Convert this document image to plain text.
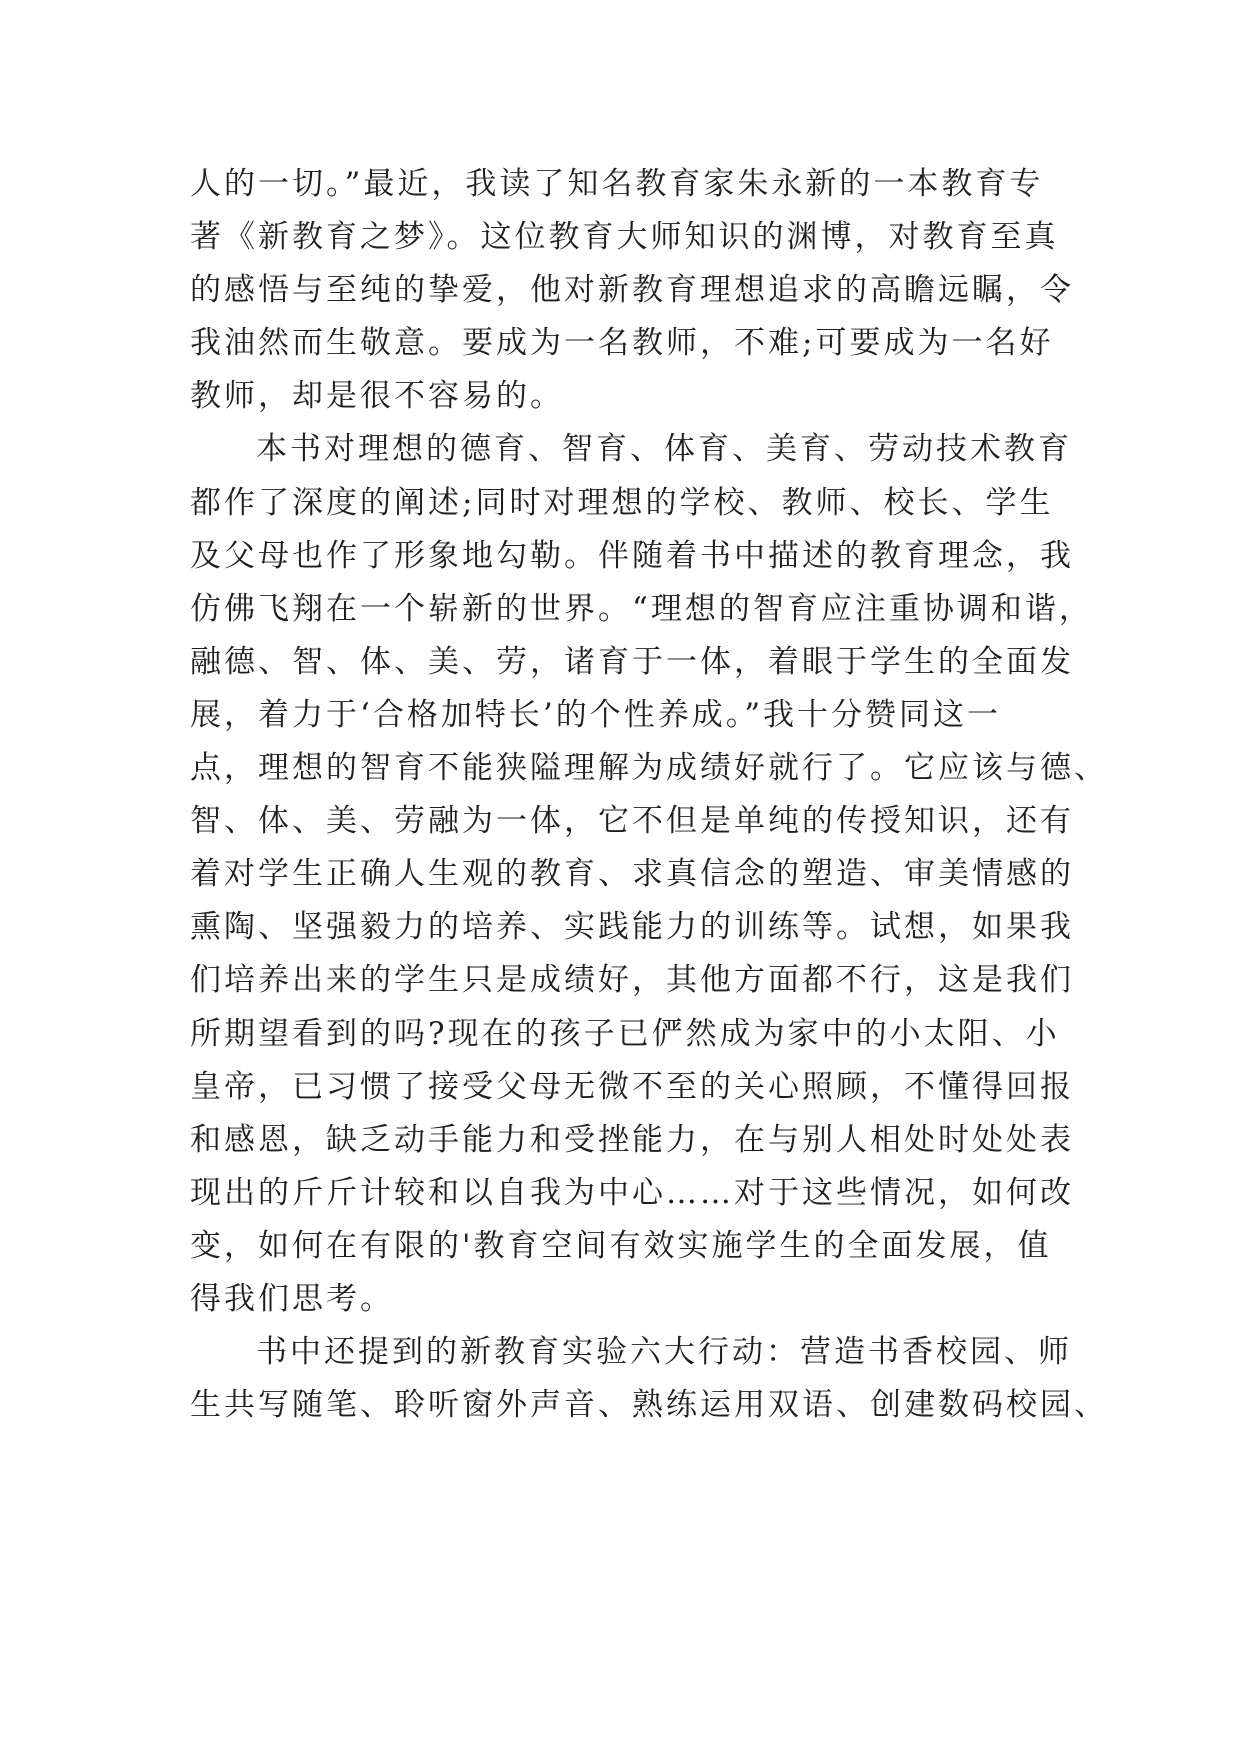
人的一切。”最近，我读了知名教育家朱永新的一本教育专
著《新教育之梦》。这位教育大师知识的渊博，对教育至真
的感悟与至纯的挚爱，他对新教育理想追求的高瞻远瞩，令
我油然而生敬意。要成为一名教师，不难;可要成为一名好
教师，却是很不容易的。
本书对理想的德育、智育、体育、美育、劳动技术教育
都作了深度的阐述;同时对理想的学校、教师、校长、学生
及父母也作了形象地勾勒。伴随着书中描述的教育理念，我
仿佛飞翔在一个崭新的世界。“理想的智育应注重协调和谐，
融德、智、体、美、劳，诸育于一体，着眼于学生的全面发
展，着力于‘合格加特长’的个性养成。”我十分赞同这一
点，理想的智育不能狭隘理解为成绩好就行了。它应该与德、
智、体、美、劳融为一体，它不但是单纯的传授知识，还有
着对学生正确人生观的教育、求真信念的塑造、审美情感的
熏陶、坚强毅力的培养、实践能力的训练等。试想，如果我
们培养出来的学生只是成绩好，其他方面都不行，这是我们
所期望看到的吗?现在的孩子已俨然成为家中的小太阳、小
皇帝，已习惯了接受父母无微不至的关心照顾，不懂得回报
和感恩，缺乏动手能力和受挫能力，在与别人相处时处处表
现出的斤斤计较和以自我为中心……对于这些情况，如何改
变，如何在有限的'教育空间有效实施学生的全面发展，值
得我们思考。
书中还提到的新教育实验六大行动：营造书香校园、师
生共写随笔、聆听窗外声音、熟练运用双语、创建数码校园、
